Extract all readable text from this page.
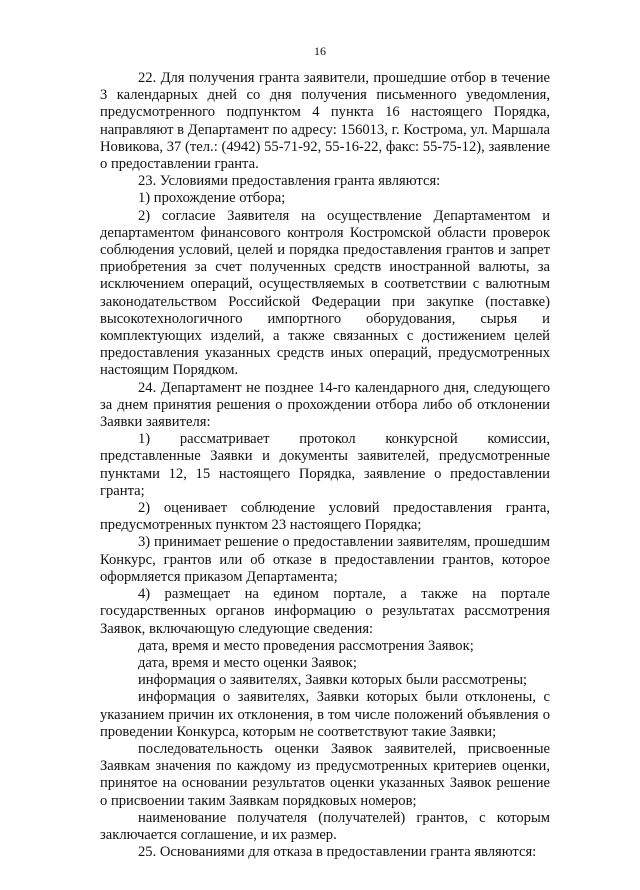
16

22. Для получения гранта заявители, прошедшие отбор в течение 3 календарных дней со дня получения письменного уведомления, предусмотренного подпунктом 4 пункта 16 настоящего Порядка, направляют в Департамент по адресу: 156013, г. Кострома, ул. Маршала Новикова, 37 (тел.: (4942) 55-71-92, 55-16-22, факс: 55-75-12), заявление о предоставлении гранта.

23. Условиями предоставления гранта являются:

1) прохождение отбора;

2) согласие Заявителя на осуществление Департаментом и департаментом финансового контроля Костромской области проверок соблюдения условий, целей и порядка предоставления грантов и запрет приобретения за счет полученных средств иностранной валюты, за исключением операций, осуществляемых в соответствии с валютным законодательством Российской Федерации при закупке (поставке) высокотехнологичного импортного оборудования, сырья и комплектующих изделий, а также связанных с достижением целей предоставления указанных средств иных операций, предусмотренных настоящим Порядком.

24. Департамент не позднее 14-го календарного дня, следующего за днем принятия решения о прохождении отбора либо об отклонении Заявки заявителя:

1) рассматривает протокол конкурсной комиссии, представленные Заявки и документы заявителей, предусмотренные пунктами 12, 15 настоящего Порядка, заявление о предоставлении гранта;

2) оценивает соблюдение условий предоставления гранта, предусмотренных пунктом 23 настоящего Порядка;

3) принимает решение о предоставлении заявителям, прошедшим Конкурс, грантов или об отказе в предоставлении грантов, которое оформляется приказом Департамента;

4) размещает на едином портале, а также на портале государственных органов информацию о результатах рассмотрения Заявок, включающую следующие сведения:

дата, время и место проведения рассмотрения Заявок;

дата, время и место оценки Заявок;

информация о заявителях, Заявки которых были рассмотрены;

информация о заявителях, Заявки которых были отклонены, с указанием причин их отклонения, в том числе положений объявления о проведении Конкурса, которым не соответствуют такие Заявки;

последовательность оценки Заявок заявителей, присвоенные Заявкам значения по каждому из предусмотренных критериев оценки, принятое на основании результатов оценки указанных Заявок решение о присвоении таким Заявкам порядковых номеров;

наименование получателя (получателей) грантов, с которым заключается соглашение, и их размер.

25. Основаниями для отказа в предоставлении гранта являются:
